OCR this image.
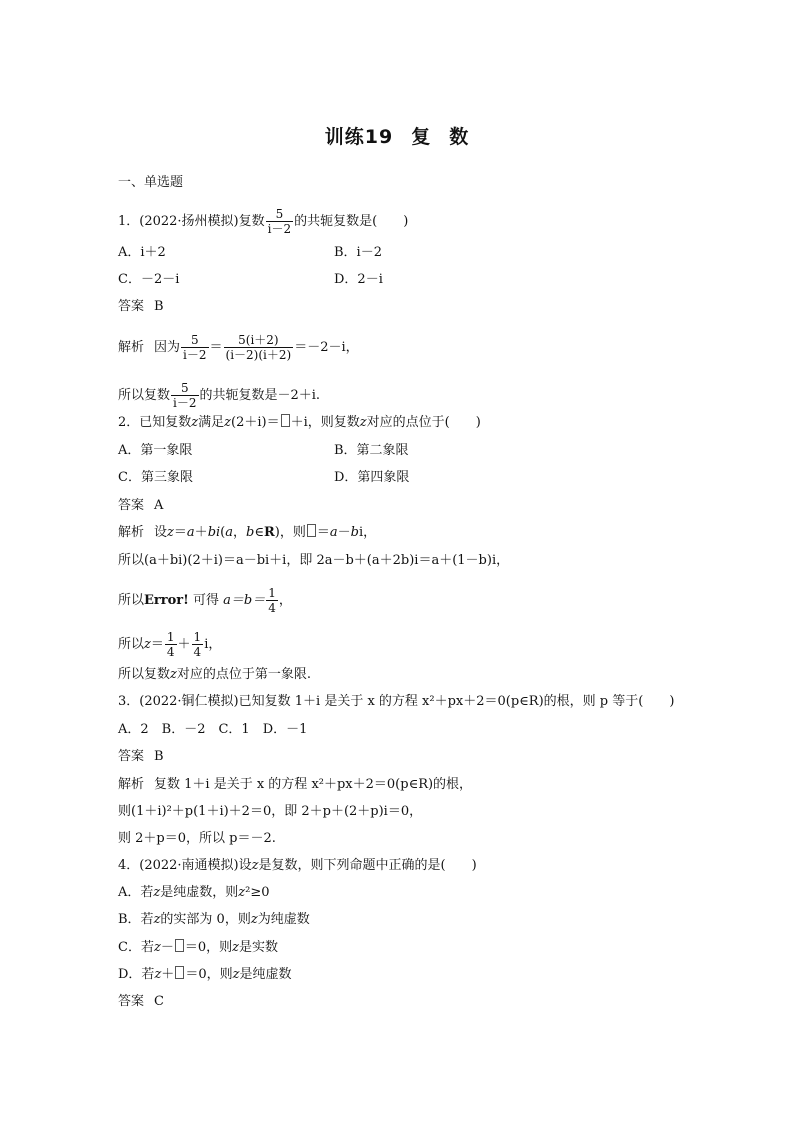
训练19 复 数
一、单选题
1．(2022·扬州模拟)复数 $\frac{5}{i-2}$ 的共轭复数是(　　)
A．i＋2	B．i－2
C．－2－i	D．2－i
答案 B
解析 因为 $\frac{5}{i-2} = \frac{5(i+2)}{(i-2)(i+2)} =-2-i$，
所以复数 $\frac{5}{i-2}$ 的共轭复数是－2＋i.
2．已知复数z满足z(2＋i)＝ ＋i，则复数z对应的点位于(　　)
A．第一象限	B．第二象限
C．第三象限	D．第四象限
答案 A
解析 设z＝a＋bi(a，b∈R)，则 ＝a－bi，
所以(a＋bi)(2＋i)＝a－bi＋i，即 2a－b＋(a＋2b)i＝a＋(1－b)i，
所以Error! 可得 $a=b= \frac{1}{4}$ ，
所以$z= \frac{1}{4} + \frac{1}{4}$ i，
所以复数z对应的点位于第一象限.
3．(2022·铜仁模拟)已知复数 1＋i 是关于 x 的方程 x²＋px＋2＝0(p∈R)的根，则 p 等于(　　)
A．2　B．－2　C．1　D．－1
答案 B
解析 复数 1＋i 是关于 x 的方程 x²＋px＋2＝0(p∈R)的根，
则(1＋i)²＋p(1＋i)＋2＝0，即 2＋p＋(2＋p)i＝0，
则 2＋p＝0，所以 p＝－2.
4．(2022·南通模拟)设z是复数，则下列命题中正确的是(　　)
A．若z是纯虚数，则z²≥0
B．若z的实部为 0，则z为纯虚数
C．若z－ ＝0，则z是实数
D．若z＋ ＝0，则z是纯虚数
答案 C
